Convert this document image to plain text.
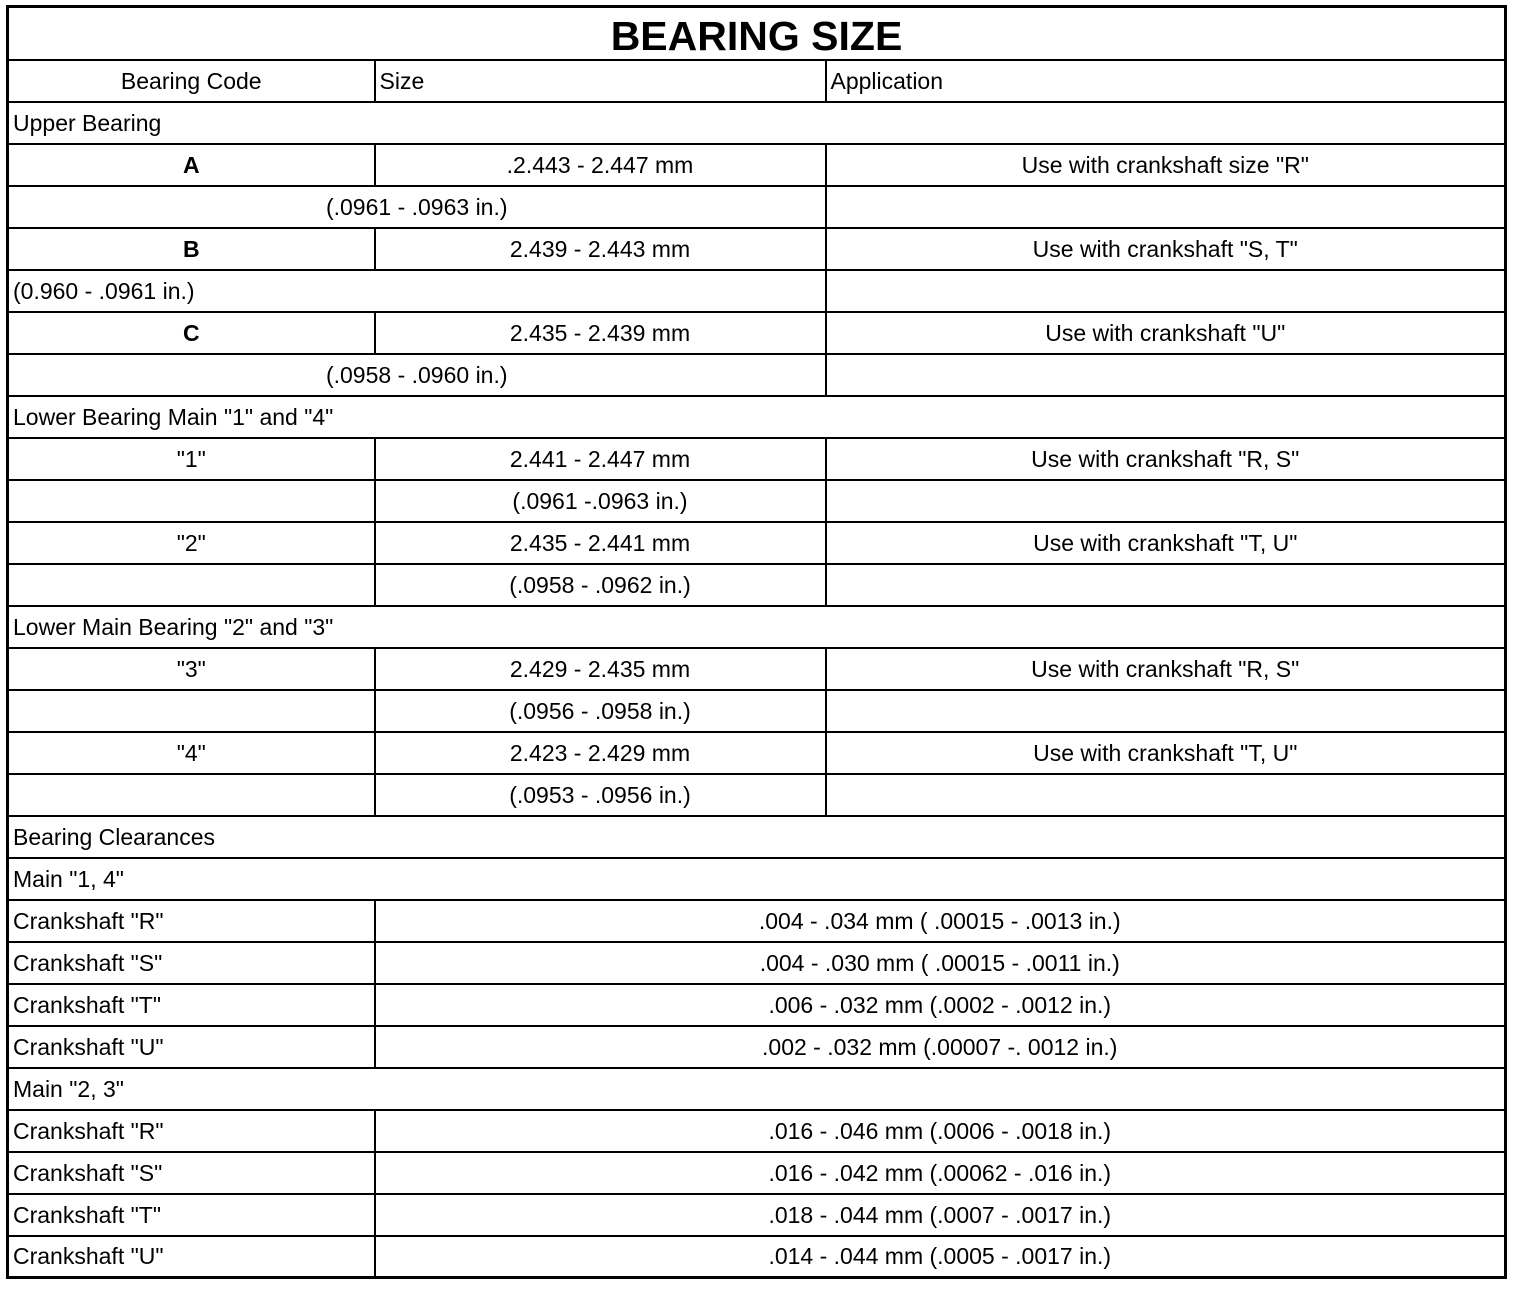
BEARING SIZE		
Bearing Code	Size	Application
Upper Bearing		
A	.2.443 - 2.447 mm	Use with crankshaft size "R"
(.0961 - .0963 in.)		
B	2.439 - 2.443 mm	Use with crankshaft "S, T"
(0.960 - .0961 in.)		
C	2.435 - 2.439 mm	Use with crankshaft "U"
(.0958 - .0960 in.)		
Lower Bearing Main "1" and "4"		
"1"	2.441 - 2.447 mm	Use with crankshaft "R, S"
	(.0961 -.0963 in.)	
"2"	2.435 - 2.441 mm	Use with crankshaft "T, U"
	(.0958 - .0962 in.)	
Lower Main Bearing "2" and "3"		
"3"	2.429 - 2.435 mm	Use with crankshaft "R, S"
	(.0956 - .0958 in.)	
"4"	2.423 - 2.429 mm	Use with crankshaft "T, U"
	(.0953 - .0956 in.)	
Bearing Clearances		
Main "1, 4"		
Crankshaft "R"	.004 - .034 mm ( .00015 - .0013 in.)	
Crankshaft "S"	.004 - .030 mm ( .00015 - .0011 in.)	
Crankshaft "T"	.006 - .032 mm (.0002 - .0012 in.)	
Crankshaft "U"	.002 - .032 mm (.00007 -. 0012 in.)	
Main "2, 3"		
Crankshaft "R"	.016 - .046 mm (.0006 - .0018 in.)	
Crankshaft "S"	.016 - .042 mm (.00062 - .016 in.)	
Crankshaft "T"	.018 - .044 mm (.0007 - .0017 in.)	
Crankshaft "U"	.014 - .044 mm (.0005 - .0017 in.)	
